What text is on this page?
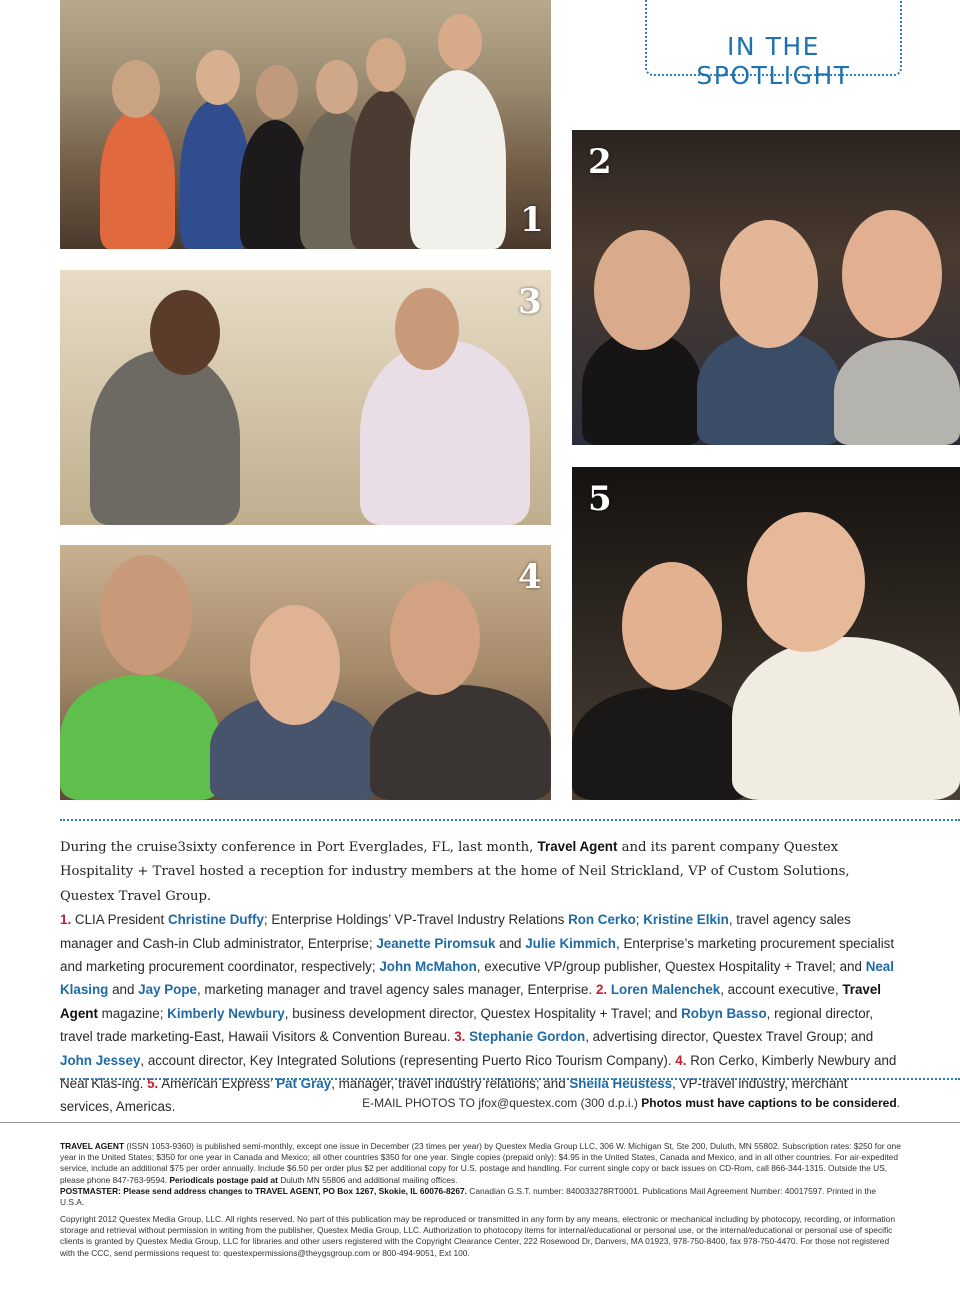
IN THE SPOTLIGHT
1
2
3
4
5
During the cruise3sixty conference in Port Everglades, FL, last month, Travel Agent and its parent company Questex Hospitality + Travel hosted a reception for industry members at the home of Neil Strickland, VP of Custom Solutions, Questex Travel Group.
1. CLIA President Christine Duffy; Enterprise Holdings’ VP-Travel Industry Relations Ron Cerko; Kristine Elkin, travel agency sales manager and Cash-in Club administrator, Enterprise; Jeanette Piromsuk and Julie Kimmich, Enterprise’s marketing procurement specialist and marketing procurement coordinator, respectively; John McMahon, executive VP/group publisher, Questex Hospitality + Travel; and Neal Klasing and Jay Pope, marketing manager and travel agency sales manager, Enterprise. 2. Loren Malenchek, account executive, Travel Agent magazine; Kimberly Newbury, business development director, Questex Hospitality + Travel; and Robyn Basso, regional director, travel trade marketing-East, Hawaii Visitors & Convention Bureau. 3. Stephanie Gordon, advertising director, Questex Travel Group; and John Jessey, account director, Key Integrated Solutions (representing Puerto Rico Tourism Company). 4. Ron Cerko, Kimberly Newbury and Neal Klas-ing. 5. American Express’ Pat Gray, manager, travel industry relations; and Sheila Heustess, VP-travel industry, merchant services, Americas.	E-MAIL PHOTOS TO jfox@questex.com (300 d.p.i.) Photos must have captions to be considered.
TRAVEL AGENT (ISSN 1053-9360) is published semi-monthly, except one issue in December (23 times per year) by Questex Media Group LLC, 306 W. Michigan St, Ste 200, Duluth, MN 55802. Subscription rates: $250 for one year in the United States; $350 for one year in Canada and Mexico; all other countries $350 for one year. Single copies (prepaid only): $4.95 in the United States, Canada and Mexico, and in all other countries. For air-expedited service, include an additional $75 per order annually. Include $6.50 per order plus $2 per additional copy for U.S. postage and handling. For current single copy or back issues on CD-Rom, call 866-344-1315. Outside the US, please phone 847-763-9594. Periodicals postage paid at Duluth MN 55806 and additional mailing offices.
POSTMASTER: Please send address changes to TRAVEL AGENT, PO Box 1267, Skokie, IL 60076-8267. Canadian G.S.T. number: 840033278RT0001. Publications Mail Agreement Number: 40017597. Printed in the U.S.A.
Copyright 2012 Questex Media Group, LLC. All rights reserved. No part of this publication may be reproduced or transmitted in any form by any means, electronic or mechanical including by photocopy, recording, or information storage and retrieval without permission in writing from the publisher, Questex Media Group, LLC. Authorization to photocopy items for internal/educational or personal use, or the internal/educational or personal use of specific clients is granted by Questex Media Group, LLC for libraries and other users registered with the Copyright Clearance Center, 222 Rosewood Dr, Danvers, MA 01923, 978-750-8400, fax 978-750-4470. For those not registered with the CCC, send permissions request to: questexpermissions@theygsgroup.com or 800-494-9051, Ext 100.
